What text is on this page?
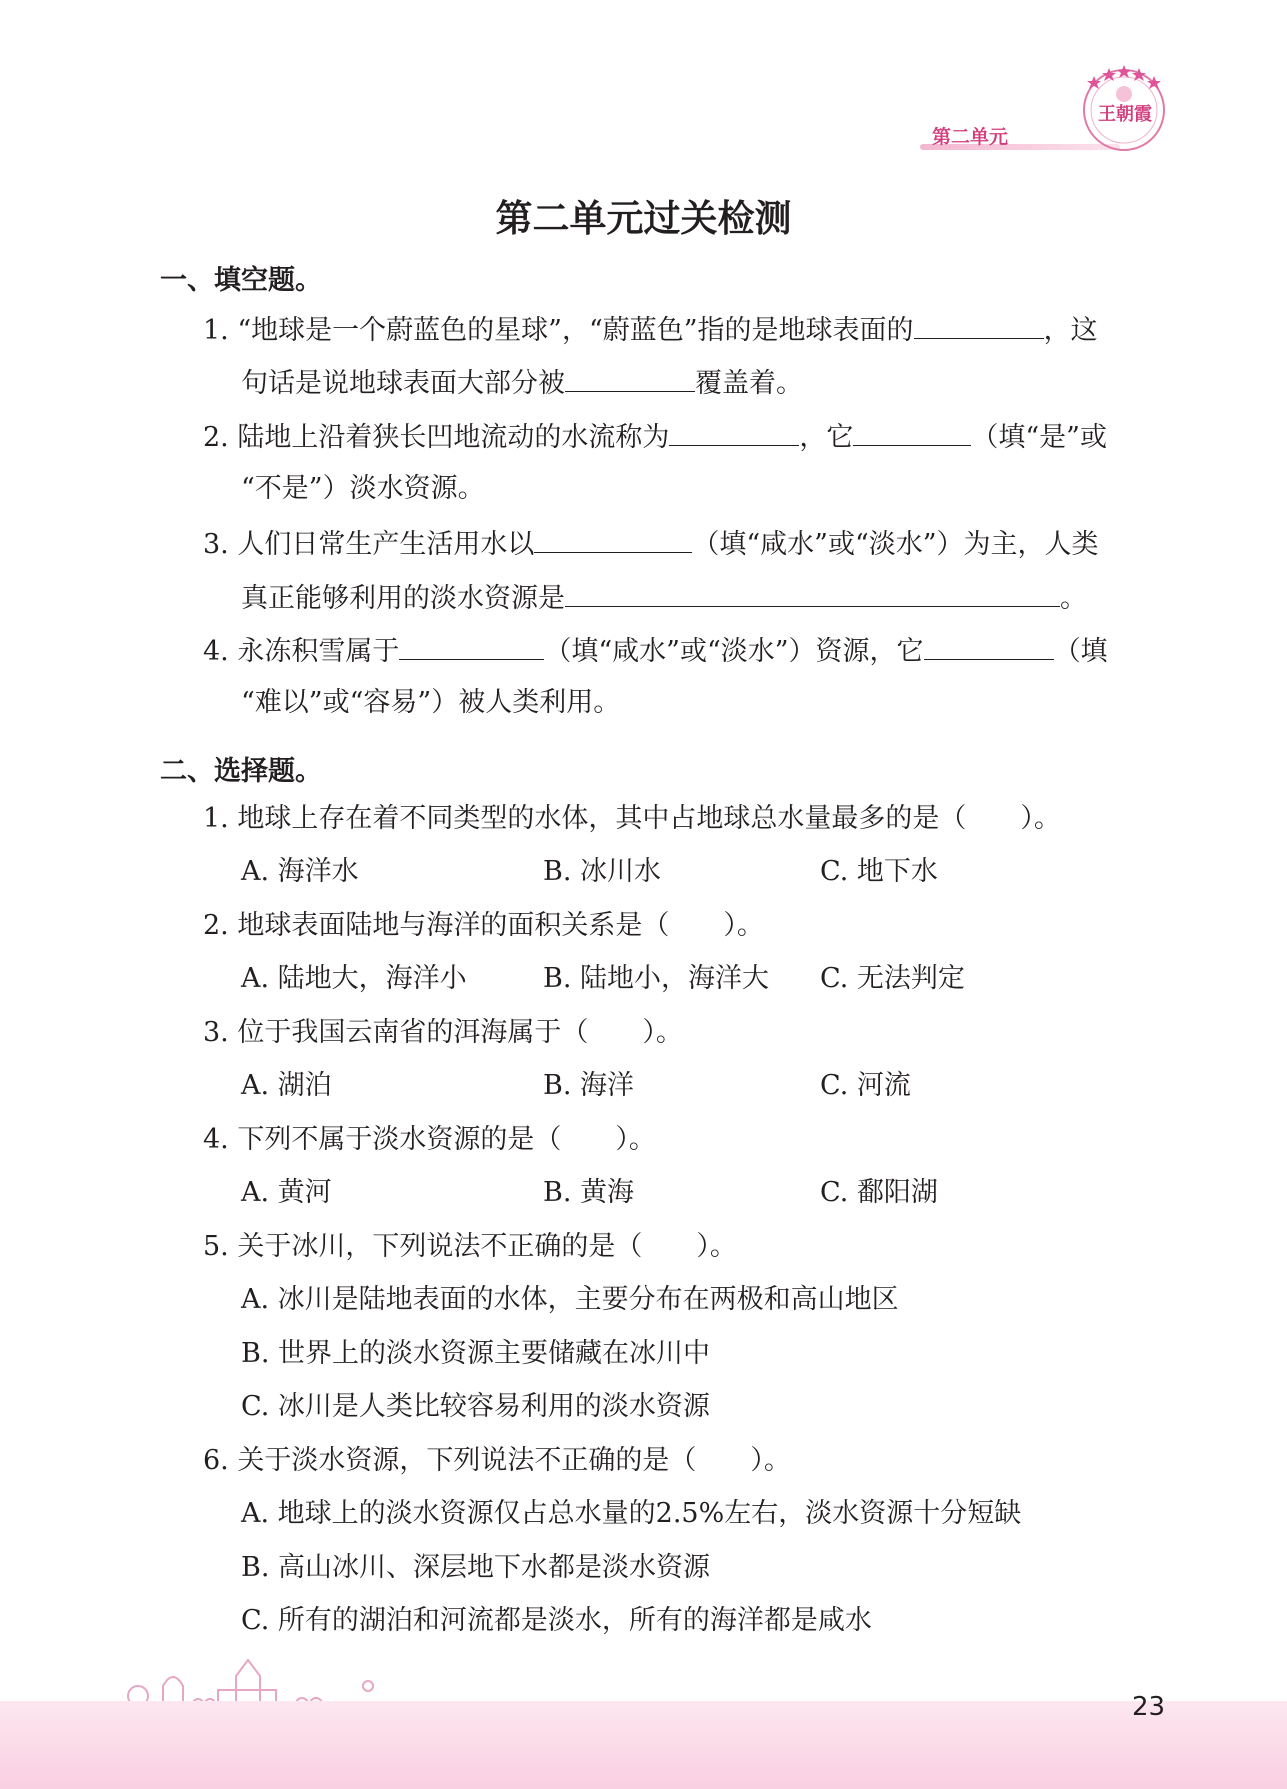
第二单元
王朝霞
第二单元过关检测
一、填空题。
1. “地球是一个蔚蓝色的星球”，“蔚蓝色”指的是地球表面的	，这
句话是说地球表面大部分被	覆盖着。
2. 陆地上沿着狭长凹地流动的水流称为	，它	（填“是”或
“不是”）淡水资源。
3. 人们日常生产生活用水以	（填“咸水”或“淡水”）为主，人类
真正能够利用的淡水资源是	。
4. 永冻积雪属于	（填“咸水”或“淡水”）资源，它	（填
“难以”或“容易”）被人类利用。
二、选择题。
1. 地球上存在着不同类型的水体，其中占地球总水量最多的是（　　）。
A. 海洋水	B. 冰川水	C. 地下水
2. 地球表面陆地与海洋的面积关系是（　　）。
A. 陆地大，海洋小	B. 陆地小，海洋大 C. 无法判定
3. 位于我国云南省的洱海属于（　　）。
A. 湖泊	B. 海洋	C. 河流
4. 下列不属于淡水资源的是（　　）。
A. 黄河	B. 黄海	C. 鄱阳湖
5. 关于冰川，下列说法不正确的是（　　）。
A. 冰川是陆地表面的水体，主要分布在两极和高山地区
B. 世界上的淡水资源主要储藏在冰川中
C. 冰川是人类比较容易利用的淡水资源
6. 关于淡水资源，下列说法不正确的是（　　）。
A. 地球上的淡水资源仅占总水量的2.5%左右，淡水资源十分短缺
B. 高山冰川、深层地下水都是淡水资源
C. 所有的湖泊和河流都是淡水，所有的海洋都是咸水
23
